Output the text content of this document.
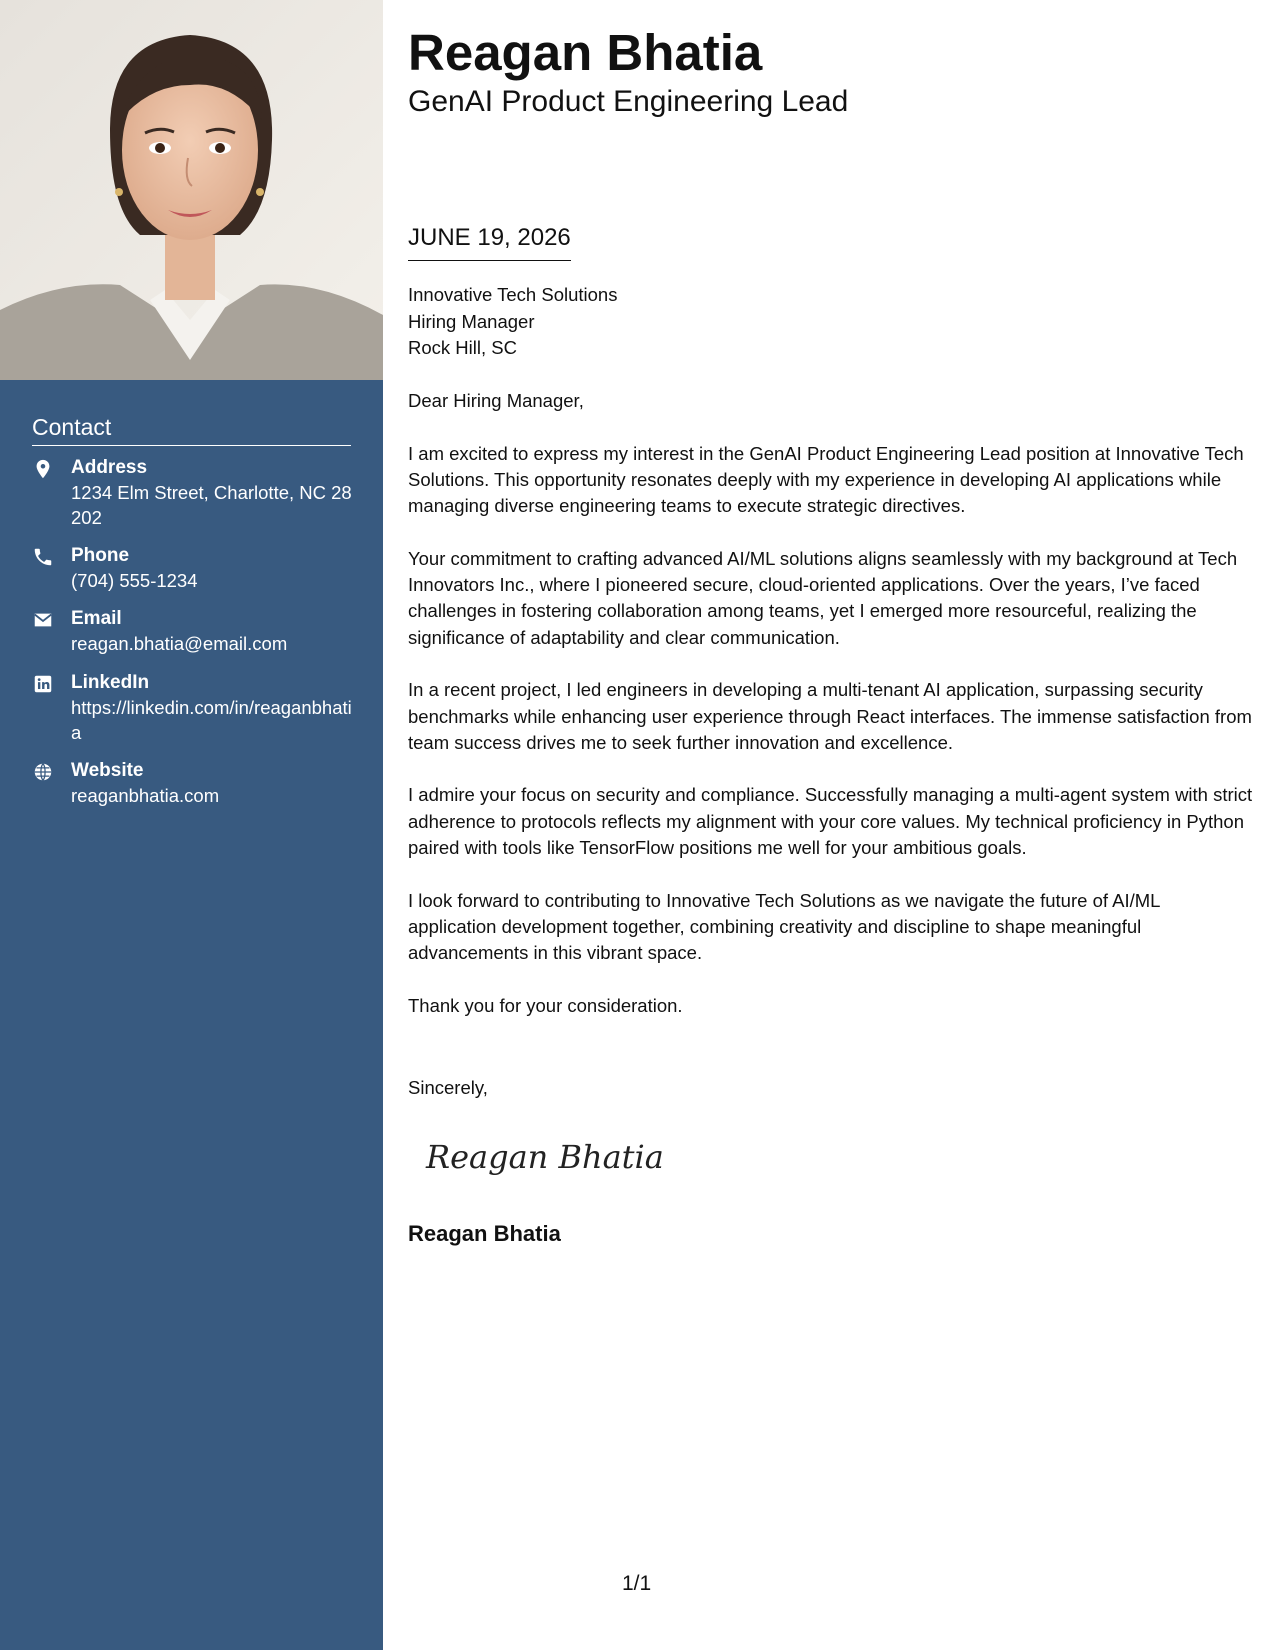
Contact
Address
1234 Elm Street, Charlotte, NC 28202
Phone
(704) 555-1234
Email
reagan.bhatia@email.com
LinkedIn
https://linkedin.com/in/reaganbhatia
Website
reaganbhatia.com
Reagan Bhatia
GenAI Product Engineering Lead
JUNE 19, 2026
Innovative Tech Solutions
Hiring Manager
Rock Hill, SC

Dear Hiring Manager,

I am excited to express my interest in the GenAI Product Engineering Lead position at Innovative Tech Solutions. This opportunity resonates deeply with my experience in developing AI applications while managing diverse engineering teams to execute strategic directives.

Your commitment to crafting advanced AI/ML solutions aligns seamlessly with my background at Tech Innovators Inc., where I pioneered secure, cloud-oriented applications. Over the years, I’ve faced challenges in fostering collaboration among teams, yet I emerged more resourceful, realizing the significance of adaptability and clear communication.

In a recent project, I led engineers in developing a multi-tenant AI application, surpassing security benchmarks while enhancing user experience through React interfaces. The immense satisfaction from team success drives me to seek further innovation and excellence.

I admire your focus on security and compliance. Successfully managing a multi-agent system with strict adherence to protocols reflects my alignment with your core values. My technical proficiency in Python paired with tools like TensorFlow positions me well for your ambitious goals.

I look forward to contributing to Innovative Tech Solutions as we navigate the future of AI/ML application development together, combining creativity and discipline to shape meaningful advancements in this vibrant space.

Thank you for your consideration.

Sincerely,
Reagan Bhatia
Reagan Bhatia
1/1
